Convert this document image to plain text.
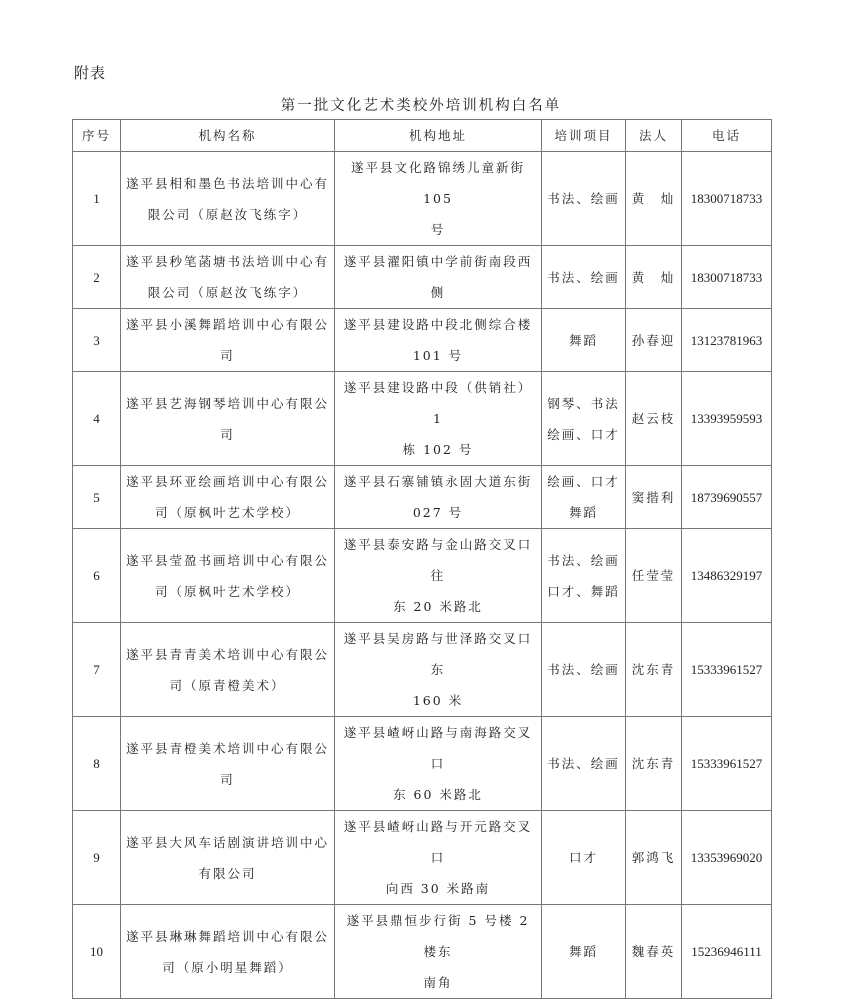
附表
第一批文化艺术类校外培训机构白名单
序号	机构名称	机构地址	培训项目	法人	电话
1	遂平县相和墨色书法培训中心有
限公司（原赵汝飞练字）	遂平县文化路锦绣儿童新街 105
号	书法、绘画	黄　灿	18300718733
2	遂平县秒笔菡塘书法培训中心有
限公司（原赵汝飞练字）	遂平县濯阳镇中学前街南段西侧	书法、绘画	黄　灿	18300718733
3	遂平县小溪舞蹈培训中心有限公
司	遂平县建设路中段北侧综合楼
101 号	舞蹈	孙春迎	13123781963
4	遂平县艺海钢琴培训中心有限公
司	遂平县建设路中段（供销社）1
栋 102 号	钢琴、书法
绘画、口才	赵云枝	13393959593
5	遂平县环亚绘画培训中心有限公
司（原枫叶艺术学校）	遂平县石寨铺镇永固大道东街
027 号	绘画、口才
舞蹈	窦揩利	18739690557
6	遂平县莹盈书画培训中心有限公
司（原枫叶艺术学校）	遂平县泰安路与金山路交叉口往
东 20 米路北	书法、绘画
口才、舞蹈	任莹莹	13486329197
7	遂平县青青美术培训中心有限公
司（原青橙美术）	遂平县吴房路与世泽路交叉口东
160 米	书法、绘画	沈东青	15333961527
8	遂平县青橙美术培训中心有限公
司	遂平县嵖岈山路与南海路交叉口
东 60 米路北	书法、绘画	沈东青	15333961527
9	遂平县大风车话剧演讲培训中心
有限公司	遂平县嵖岈山路与开元路交叉口
向西 30 米路南	口才	郭鸿飞	13353969020
10	遂平县琳琳舞蹈培训中心有限公
司（原小明星舞蹈）	遂平县鼎恒步行街 5 号楼 2 楼东
南角	舞蹈	魏春英	15236946111
